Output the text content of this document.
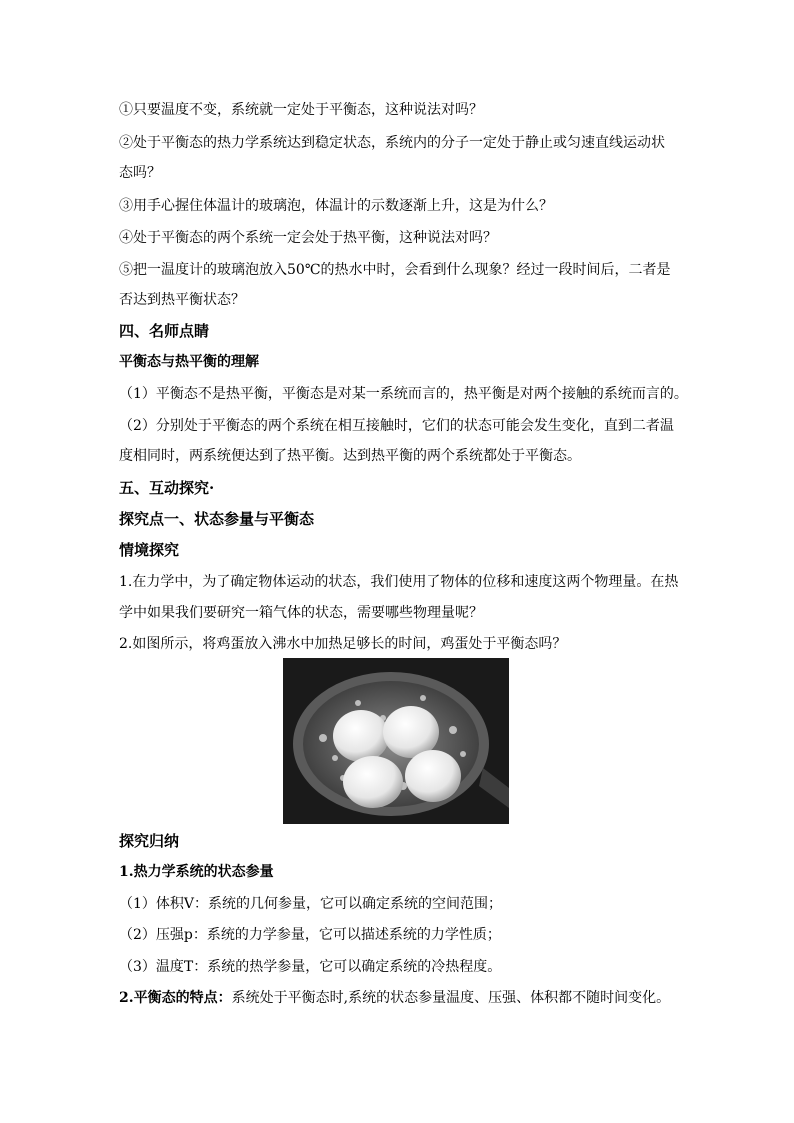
①只要温度不变，系统就一定处于平衡态，这种说法对吗？
②处于平衡态的热力学系统达到稳定状态，系统内的分子一定处于静止或匀速直线运动状
态吗？
③用手心握住体温计的玻璃泡，体温计的示数逐渐上升，这是为什么？
④处于平衡态的两个系统一定会处于热平衡，这种说法对吗？
⑤把一温度计的玻璃泡放入50℃的热水中时，会看到什么现象？经过一段时间后，二者是
否达到热平衡状态？
四、名师点睛
平衡态与热平衡的理解
（1）平衡态不是热平衡，平衡态是对某一系统而言的，热平衡是对两个接触的系统而言的。
（2）分别处于平衡态的两个系统在相互接触时，它们的状态可能会发生变化，直到二者温
度相同时，两系统便达到了热平衡。达到热平衡的两个系统都处于平衡态。
五、互动探究·
探究点一、状态参量与平衡态
情境探究
1.在力学中，为了确定物体运动的状态，我们使用了物体的位移和速度这两个物理量。在热
学中如果我们要研究一箱气体的状态，需要哪些物理量呢？
2.如图所示，将鸡蛋放入沸水中加热足够长的时间，鸡蛋处于平衡态吗？
探究归纳
1.热力学系统的状态参量
（1）体积V：系统的几何参量，它可以确定系统的空间范围；
（2）压强p：系统的力学参量，它可以描述系统的力学性质；
（3）温度T：系统的热学参量，它可以确定系统的冷热程度。
2.平衡态的特点：系统处于平衡态时,系统的状态参量温度、压强、体积都不随时间变化。
